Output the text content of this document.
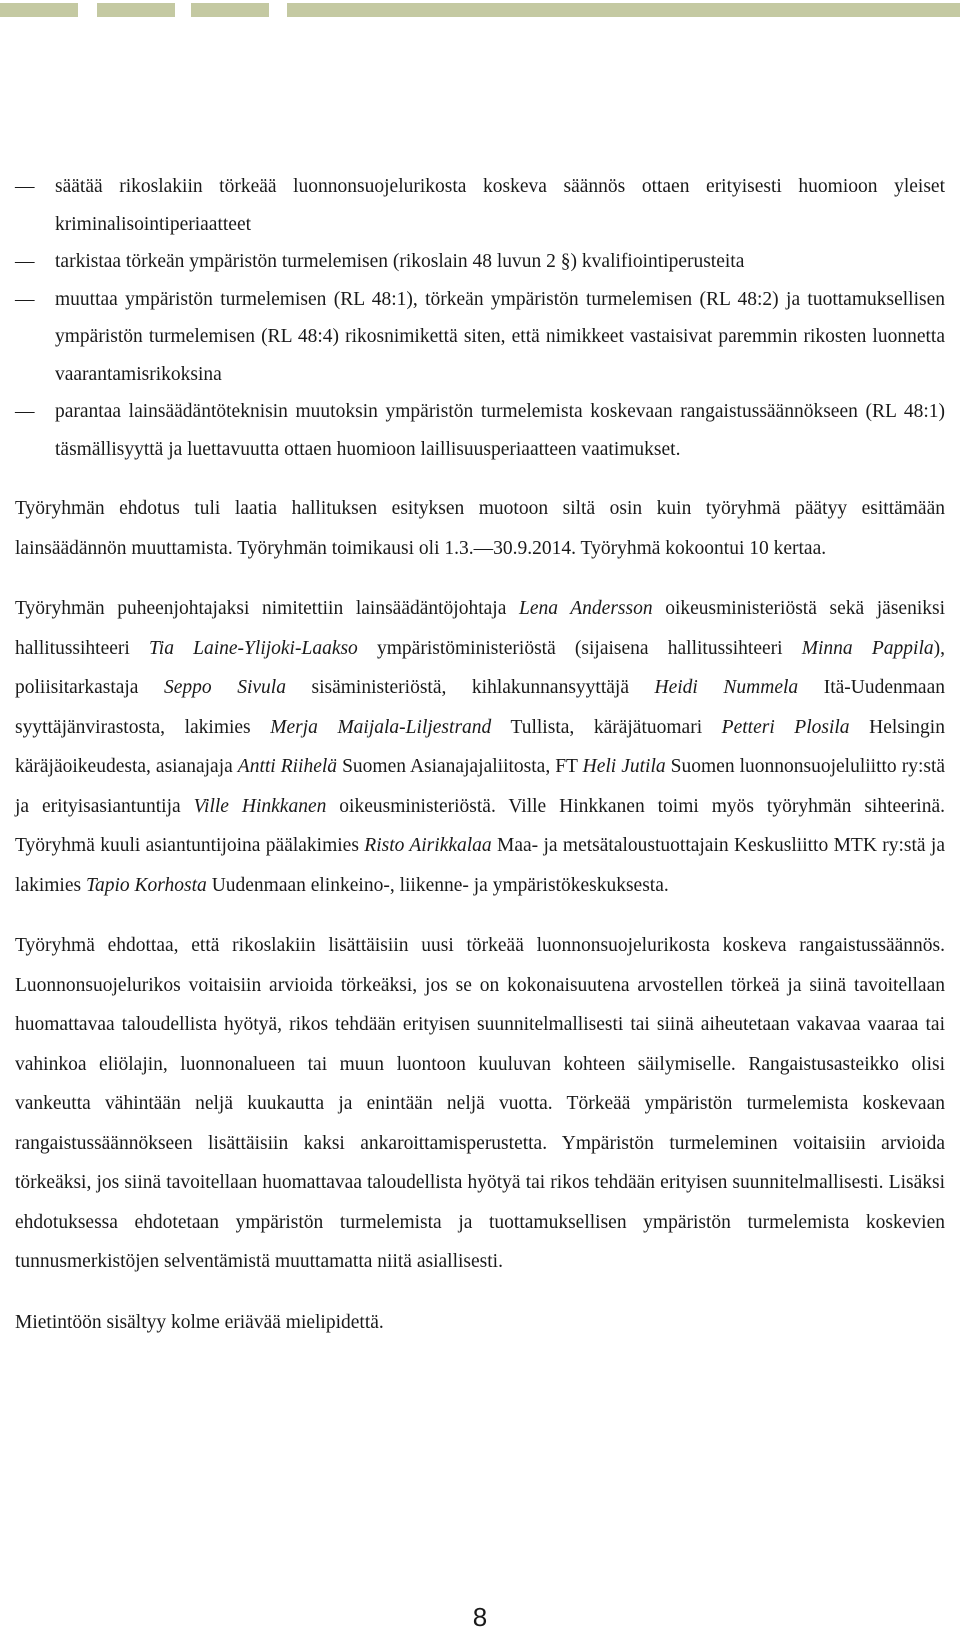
—	säätää rikoslakiin törkeää luonnonsuojelurikosta koskeva säännös ottaen erityisesti huomioon yleiset kriminalisointiperiaatteet
—	tarkistaa törkeän ympäristön turmelemisen (rikoslain 48 luvun 2 §) kvalifiointiperusteita
—	muuttaa ympäristön turmelemisen (RL 48:1), törkeän ympäristön turmelemisen (RL 48:2) ja tuottamuksellisen ympäristön turmelemisen (RL 48:4) rikosnimikettä siten, että nimikkeet vastaisivat paremmin rikosten luonnetta vaarantamisrikoksina
—	parantaa lainsäädäntöteknisin muutoksin ympäristön turmelemista koskevaan rangaistussäännökseen (RL 48:1) täsmällisyyttä ja luettavuutta ottaen huomioon laillisuusperiaatteen vaatimukset.

Työryhmän ehdotus tuli laatia hallituksen esityksen muotoon siltä osin kuin työryhmä päätyy esittämään lainsäädännön muuttamista. Työryhmän toimikausi oli 1.3.—30.9.2014. Työryhmä kokoontui 10 kertaa.

Työryhmän puheenjohtajaksi nimitettiin lainsäädäntöjohtaja Lena Andersson oikeusministeriöstä sekä jäseniksi hallitussihteeri Tia Laine-Ylijoki-Laakso ympäristöministeriöstä (sijaisena hallitussihteeri Minna Pappila), poliisitarkastaja Seppo Sivula sisäministeriöstä, kihlakunnansyyttäjä Heidi Nummela Itä-Uudenmaan syyttäjänvirastosta, lakimies Merja Maijala-Liljestrand Tullista, käräjätuomari Petteri Plosila Helsingin käräjäoikeudesta, asianajaja Antti Riihelä Suomen Asianajajaliitosta, FT Heli Jutila Suomen luonnonsuojeluliitto ry:stä ja erityisasiantuntija Ville Hinkkanen oikeusministeriöstä. Ville Hinkkanen toimi myös työryhmän sihteerinä. Työryhmä kuuli asiantuntijoina päälakimies Risto Airikkalaa Maa- ja metsätaloustuottajain Keskusliitto MTK ry:stä ja lakimies Tapio Korhosta Uudenmaan elinkeino-, liikenne- ja ympäristökeskuksesta.

Työryhmä ehdottaa, että rikoslakiin lisättäisiin uusi törkeää luonnonsuojelurikosta koskeva rangaistussäännös. Luonnonsuojelurikos voitaisiin arvioida törkeäksi, jos se on kokonaisuutena arvostellen törkeä ja siinä tavoitellaan huomattavaa taloudellista hyötyä, rikos tehdään erityisen suunnitelmallisesti tai siinä aiheutetaan vakavaa vaaraa tai vahinkoa eliölajin, luonnonalueen tai muun luontoon kuuluvan kohteen säilymiselle. Rangaistusasteikko olisi vankeutta vähintään neljä kuukautta ja enintään neljä vuotta. Törkeää ympäristön turmelemista koskevaan rangaistussäännökseen lisättäisiin kaksi ankaroittamisperustetta. Ympäristön turmeleminen voitaisiin arvioida törkeäksi, jos siinä tavoitellaan huomattavaa taloudellista hyötyä tai rikos tehdään erityisen suunnitelmallisesti. Lisäksi ehdotuksessa ehdotetaan ympäristön turmelemista ja tuottamuksellisen ympäristön turmelemista koskevien tunnusmerkistöjen selventämistä muuttamatta niitä asiallisesti.

Mietintöön sisältyy kolme eriävää mielipidettä.

8
